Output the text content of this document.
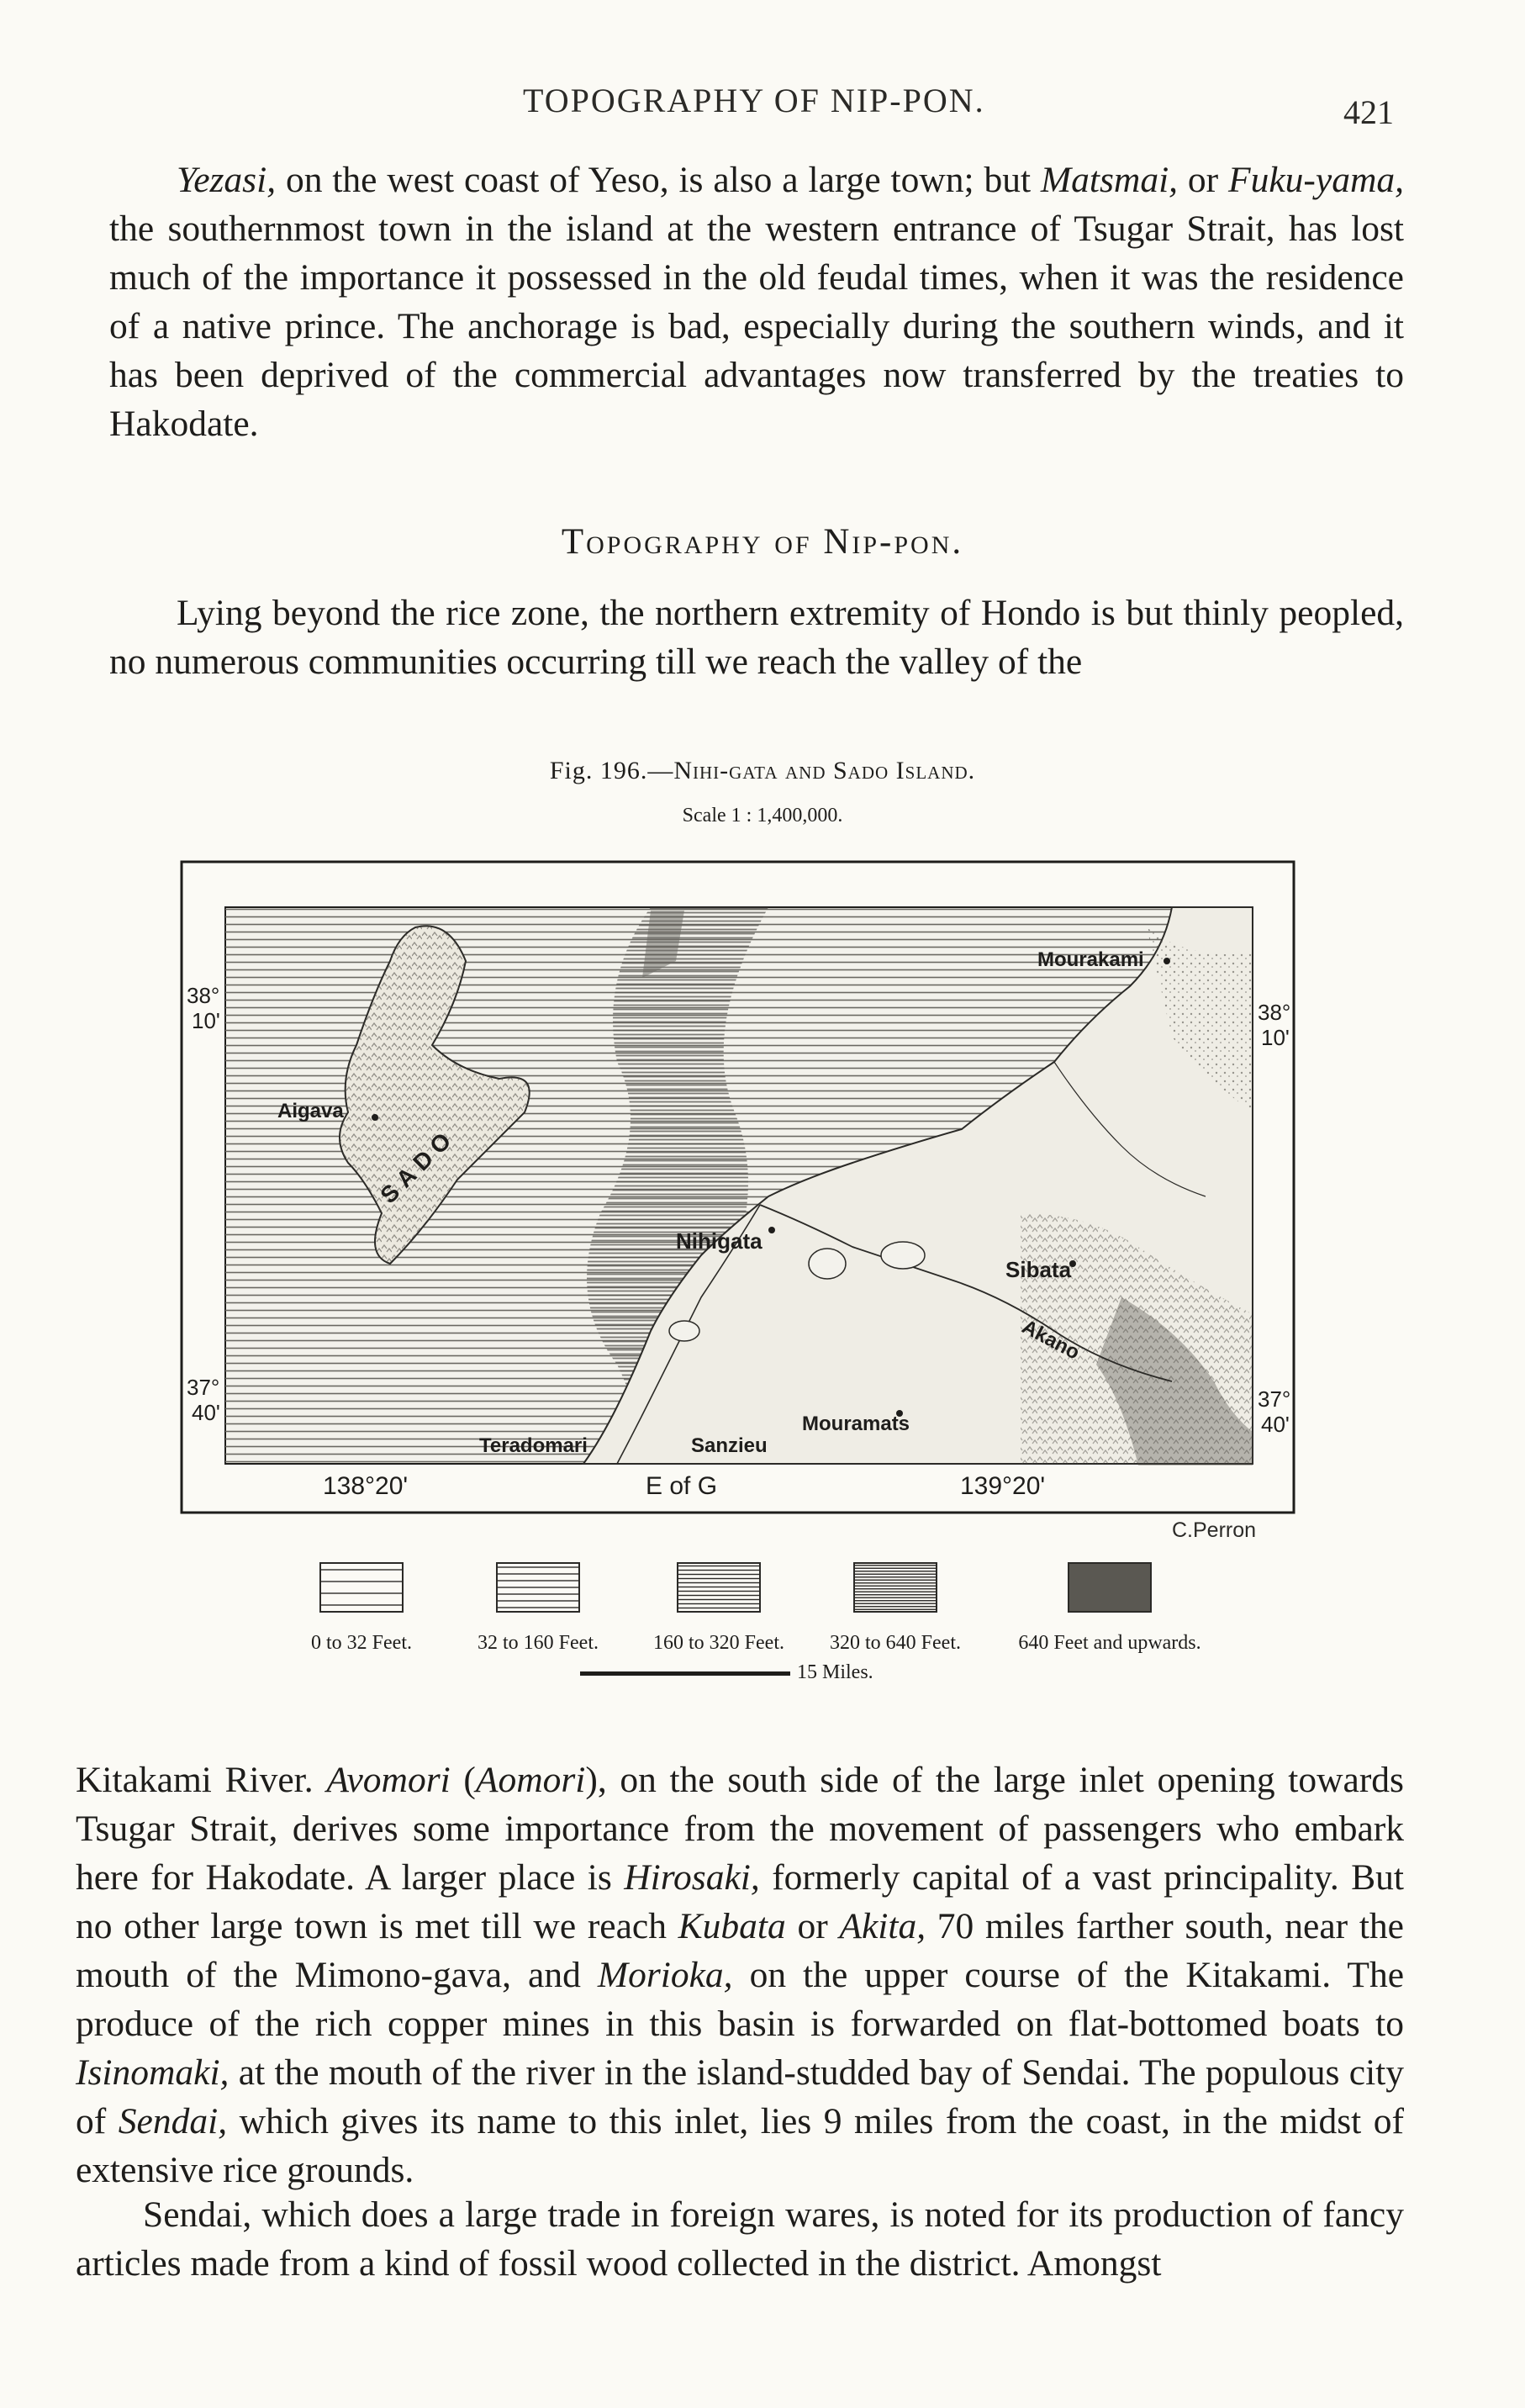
TOPOGRAPHY OF NIP-PON.	421

Yezasi, on the west coast of Yeso, is also a large town; but Matsmai, or Fuku-yama, the southernmost town in the island at the western entrance of Tsugar Strait, has lost much of the importance it possessed in the old feudal times, when it was the residence of a native prince. The anchorage is bad, especially during the southern winds, and it has been deprived of the commercial advantages now transferred by the treaties to Hakodate.

Topography of Nip-pon.

Lying beyond the rice zone, the northern extremity of Hondo is but thinly peopled, no numerous communities occurring till we reach the valley of the

Fig. 196.—Nihi-gata and Sado Island.
Scale 1 : 1,400,000.
Mourakami
Aigava
SADO
Nihigata
Sibata
Akano
Mouramats
Sanzieu
Teradomari
38°
10'	38°
10'
37°
40'
37°
40'
138°20'	E of G	139°20'
C.Perron
0 to 32 Feet.	32 to 160 Feet.	160 to 320 Feet. 320 to 640 Feet.	640 Feet and upwards.
15 Miles.

Kitakami River. Avomori (Aomori), on the south side of the large inlet opening towards Tsugar Strait, derives some importance from the movement of passengers who embark here for Hakodate. A larger place is Hirosaki, formerly capital of a vast principality. But no other large town is met till we reach Kubata or Akita, 70 miles farther south, near the mouth of the Mimono-gava, and Morioka, on the upper course of the Kitakami. The produce of the rich copper mines in this basin is forwarded on flat-bottomed boats to Isinomaki, at the mouth of the river in the island-studded bay of Sendai. The populous city of Sendai, which gives its name to this inlet, lies 9 miles from the coast, in the midst of extensive rice grounds.

Sendai, which does a large trade in foreign wares, is noted for its production of fancy articles made from a kind of fossil wood collected in the district. Amongst
